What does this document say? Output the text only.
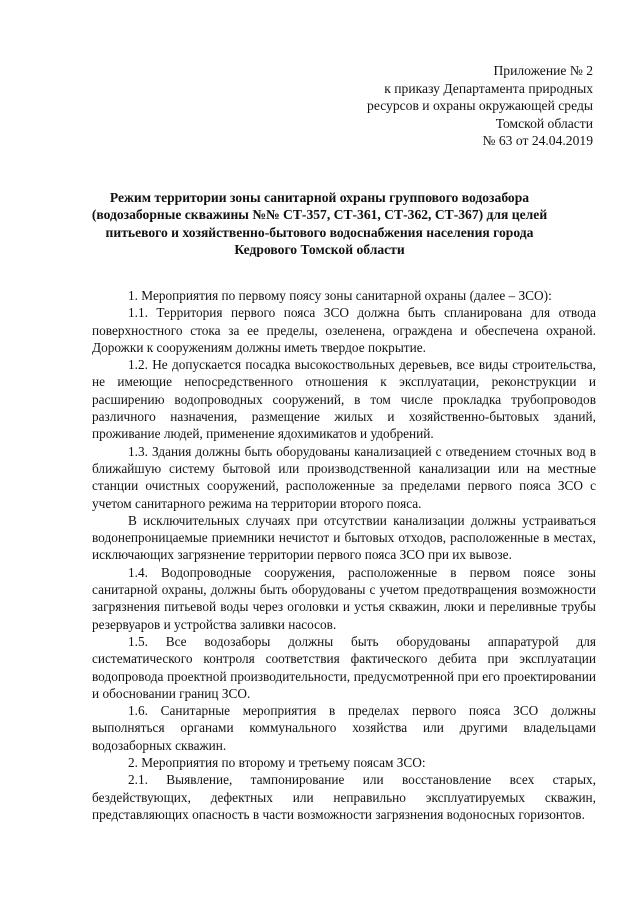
Приложение № 2
к приказу Департамента природных
ресурсов и охраны окружающей среды
Томской области
№ 63 от 24.04.2019
Режим территории зоны санитарной охраны группового водозабора (водозаборные скважины №№ СТ-357, СТ-361, СТ-362, СТ-367) для целей питьевого и хозяйственно-бытового водоснабжения населения города Кедрового Томской области

1. Мероприятия по первому поясу зоны санитарной охраны (далее – ЗСО):

1.1. Территория первого пояса ЗСО должна быть спланирована для отвода поверхностного стока за ее пределы, озеленена, ограждена и обеспечена охраной. Дорожки к сооружениям должны иметь твердое покрытие.

1.2. Не допускается посадка высокоствольных деревьев, все виды строительства, не имеющие непосредственного отношения к эксплуатации, реконструкции и расширению водопроводных сооружений, в том числе прокладка трубопроводов различного назначения, размещение жилых и хозяйственно-бытовых зданий, проживание людей, применение ядохимикатов и удобрений.

1.3. Здания должны быть оборудованы канализацией с отведением сточных вод в ближайшую систему бытовой или производственной канализации или на местные станции очистных сооружений, расположенные за пределами первого пояса ЗСО с учетом санитарного режима на территории второго пояса.

В исключительных случаях при отсутствии канализации должны устраиваться водонепроницаемые приемники нечистот и бытовых отходов, расположенные в местах, исключающих загрязнение территории первого пояса ЗСО при их вывозе.

1.4. Водопроводные сооружения, расположенные в первом поясе зоны санитарной охраны, должны быть оборудованы с учетом предотвращения возможности загрязнения питьевой воды через оголовки и устья скважин, люки и переливные трубы резервуаров и устройства заливки насосов.

1.5. Все водозаборы должны быть оборудованы аппаратурой для систематического контроля соответствия фактического дебита при эксплуатации водопровода проектной производительности, предусмотренной при его проектировании и обосновании границ ЗСО.

1.6. Санитарные мероприятия в пределах первого пояса ЗСО должны выполняться органами коммунального хозяйства или другими владельцами водозаборных скважин.

2. Мероприятия по второму и третьему поясам ЗСО:

2.1. Выявление, тампонирование или восстановление всех старых, бездействующих, дефектных или неправильно эксплуатируемых скважин, представляющих опасность в части возможности загрязнения водоносных горизонтов.
